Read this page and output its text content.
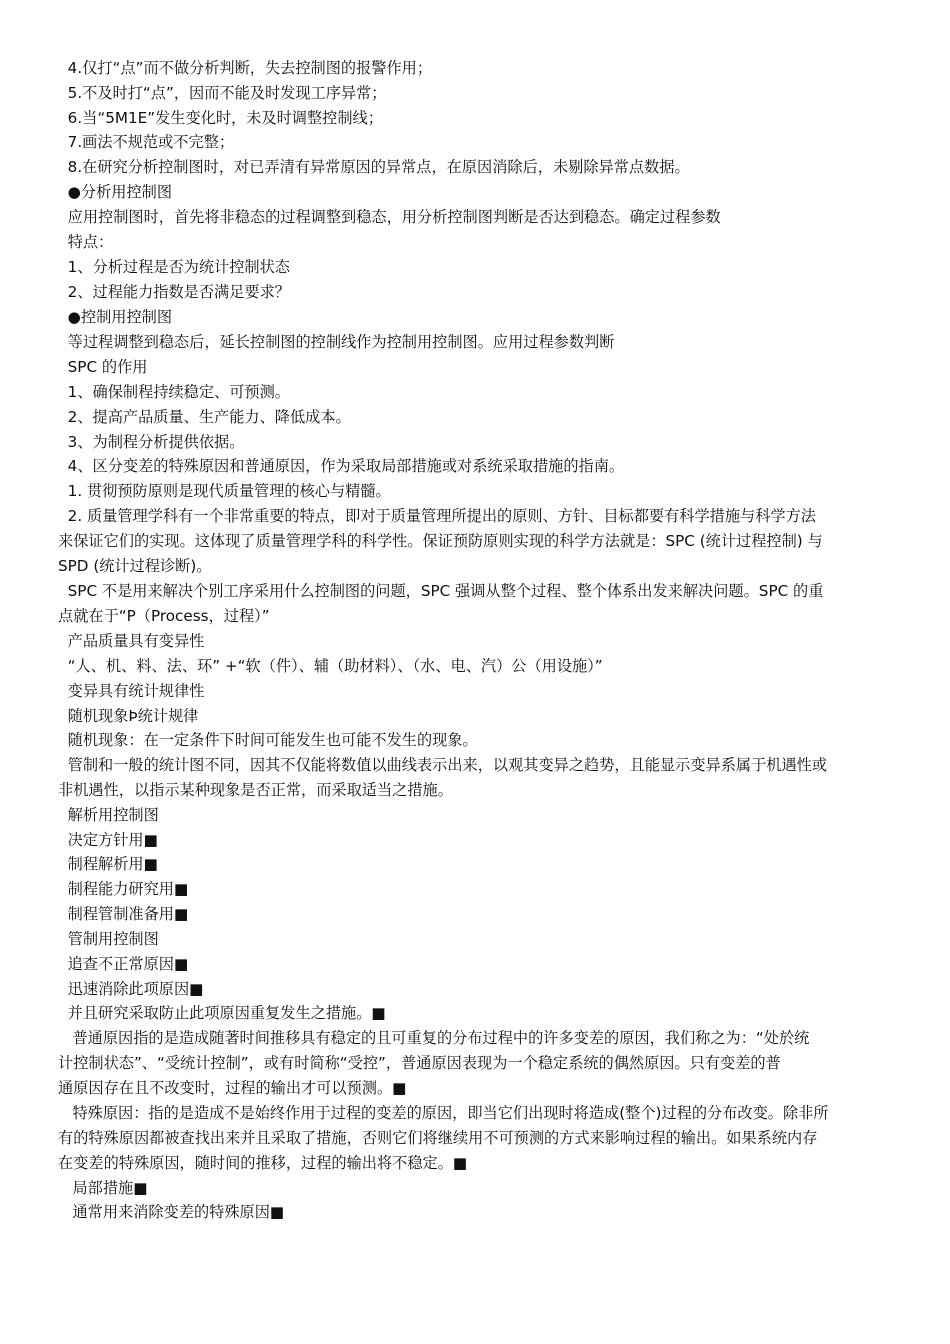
4.仅打“点”而不做分析判断，失去控制图的报警作用；
5.不及时打“点”，因而不能及时发现工序异常；
6.当“5M1E”发生变化时，未及时调整控制线；
7.画法不规范或不完整；
8.在研究分析控制图时，对已弄清有异常原因的异常点，在原因消除后，未剔除异常点数据。
●分析用控制图
应用控制图时，首先将非稳态的过程调整到稳态，用分析控制图判断是否达到稳态。确定过程参数
特点：
1、分析过程是否为统计控制状态
2、过程能力指数是否满足要求？
●控制用控制图
等过程调整到稳态后，延长控制图的控制线作为控制用控制图。应用过程参数判断
SPC 的作用
1、确保制程持续稳定、可预测。
2、提高产品质量、生产能力、降低成本。
3、为制程分析提供依据。
4、区分变差的特殊原因和普通原因，作为采取局部措施或对系统采取措施的指南。
1. 贯彻预防原则是现代质量管理的核心与精髓。
2. 质量管理学科有一个非常重要的特点，即对于质量管理所提出的原则、方针、目标都要有科学措施与科学方法
来保证它们的实现。这体现了质量管理学科的科学性。保证预防原则实现的科学方法就是：SPC (统计过程控制) 与
SPD (统计过程诊断)。
SPC 不是用来解决个别工序采用什么控制图的问题，SPC 强调从整个过程、整个体系出发来解决问题。SPC 的重
点就在于“P（Process，过程）”
产品质量具有变异性
“人、机、料、法、环” +“软（件）、辅（助材料）、（水、电、汽）公（用设施）”
变异具有统计规律性
随机现象Þ统计规律
随机现象：在一定条件下时间可能发生也可能不发生的现象。
管制和一般的统计图不同，因其不仅能将数值以曲线表示出来，以观其变异之趋势，且能显示变异系属于机遇性或
非机遇性，以指示某种现象是否正常，而采取适当之措施。
解析用控制图
决定方针用■
制程解析用■
制程能力研究用■
制程管制准备用■
管制用控制图
追查不正常原因■
迅速消除此项原因■
并且研究采取防止此项原因重复发生之措施。■
普通原因指的是造成随著时间推移具有稳定的且可重复的分布过程中的许多变差的原因，我们称之为：“处於统
计控制状态”、“受统计控制”，或有时简称“受控”，普通原因表现为一个稳定系统的偶然原因。只有变差的普
通原因存在且不改变时，过程的输出才可以预测。■
特殊原因：指的是造成不是始终作用于过程的变差的原因，即当它们出现时将造成(整个)过程的分布改变。除非所
有的特殊原因都被查找出来并且采取了措施，否则它们将继续用不可预测的方式来影响过程的输出。如果系统内存
在变差的特殊原因，随时间的推移，过程的输出将不稳定。■
局部措施■
通常用来消除变差的特殊原因■
